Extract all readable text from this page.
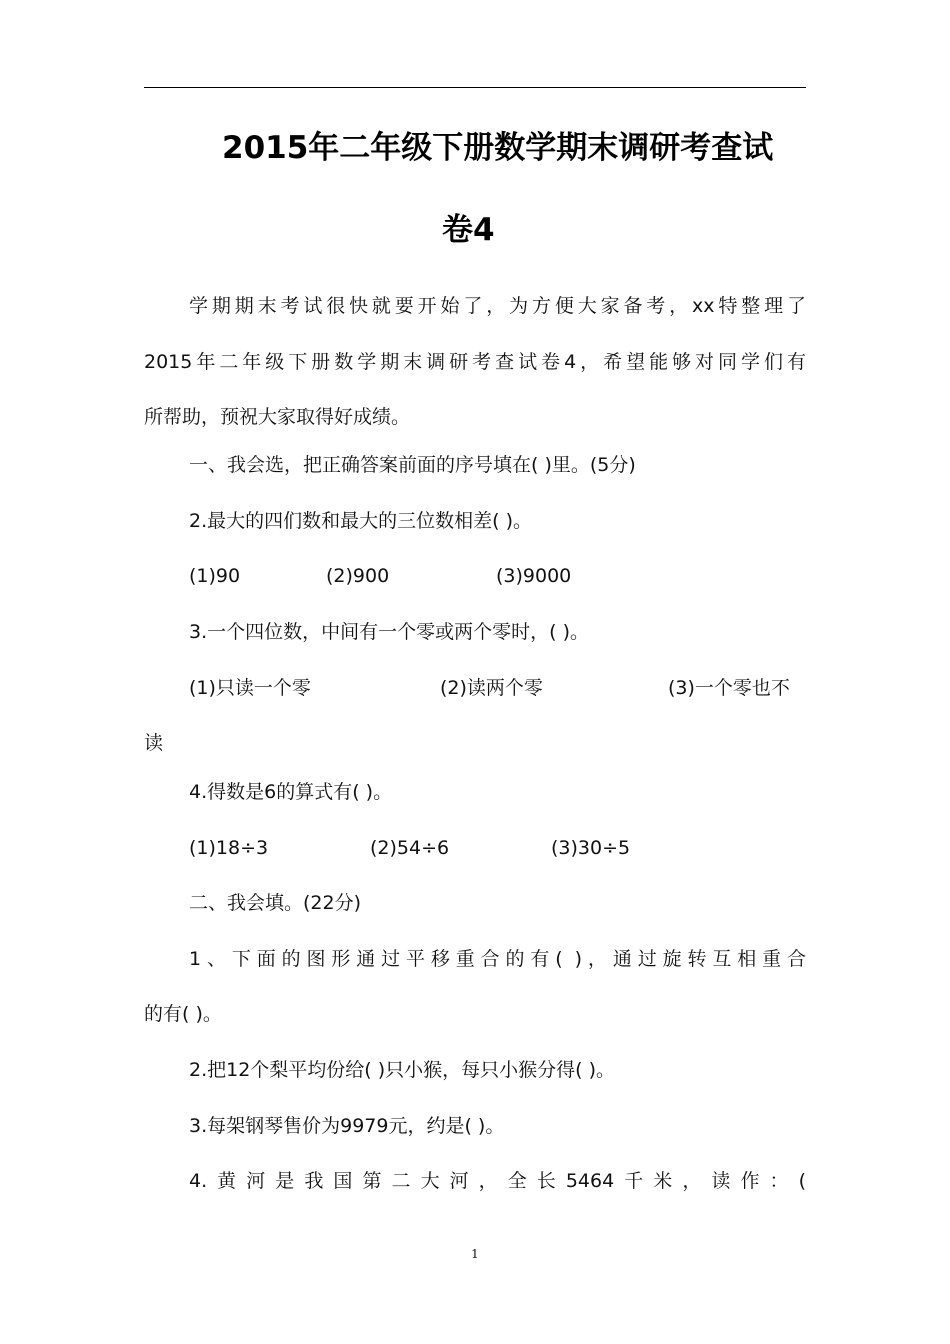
2015年二年级下册数学期末调研考查试
卷4
学期期末考试很快就要开始了，为方便大家备考，xx特整理了
2015年二年级下册数学期末调研考查试卷4，希望能够对同学们有
所帮助，预祝大家取得好成绩。
一、我会选，把正确答案前面的序号填在( )里。(5分)
2.最大的四们数和最大的三位数相差( )。
(1)90	(2)900	(3)9000
3.一个四位数，中间有一个零或两个零时，( )。
(1)只读一个零	(2)读两个零	(3)一个零也不
读
4.得数是6的算式有( )。
(1)18÷3	(2)54÷6	(3)30÷5
二、我会填。(22分)
1、下面的图形通过平移重合的有( )，通过旋转互相重合
的有( )。
2.把12个梨平均份给( )只小猴，每只小猴分得( )。
3.每架钢琴售价为9979元，约是( )。
4.黄河是我国第二大河，全长5464千米，读作：(
1
